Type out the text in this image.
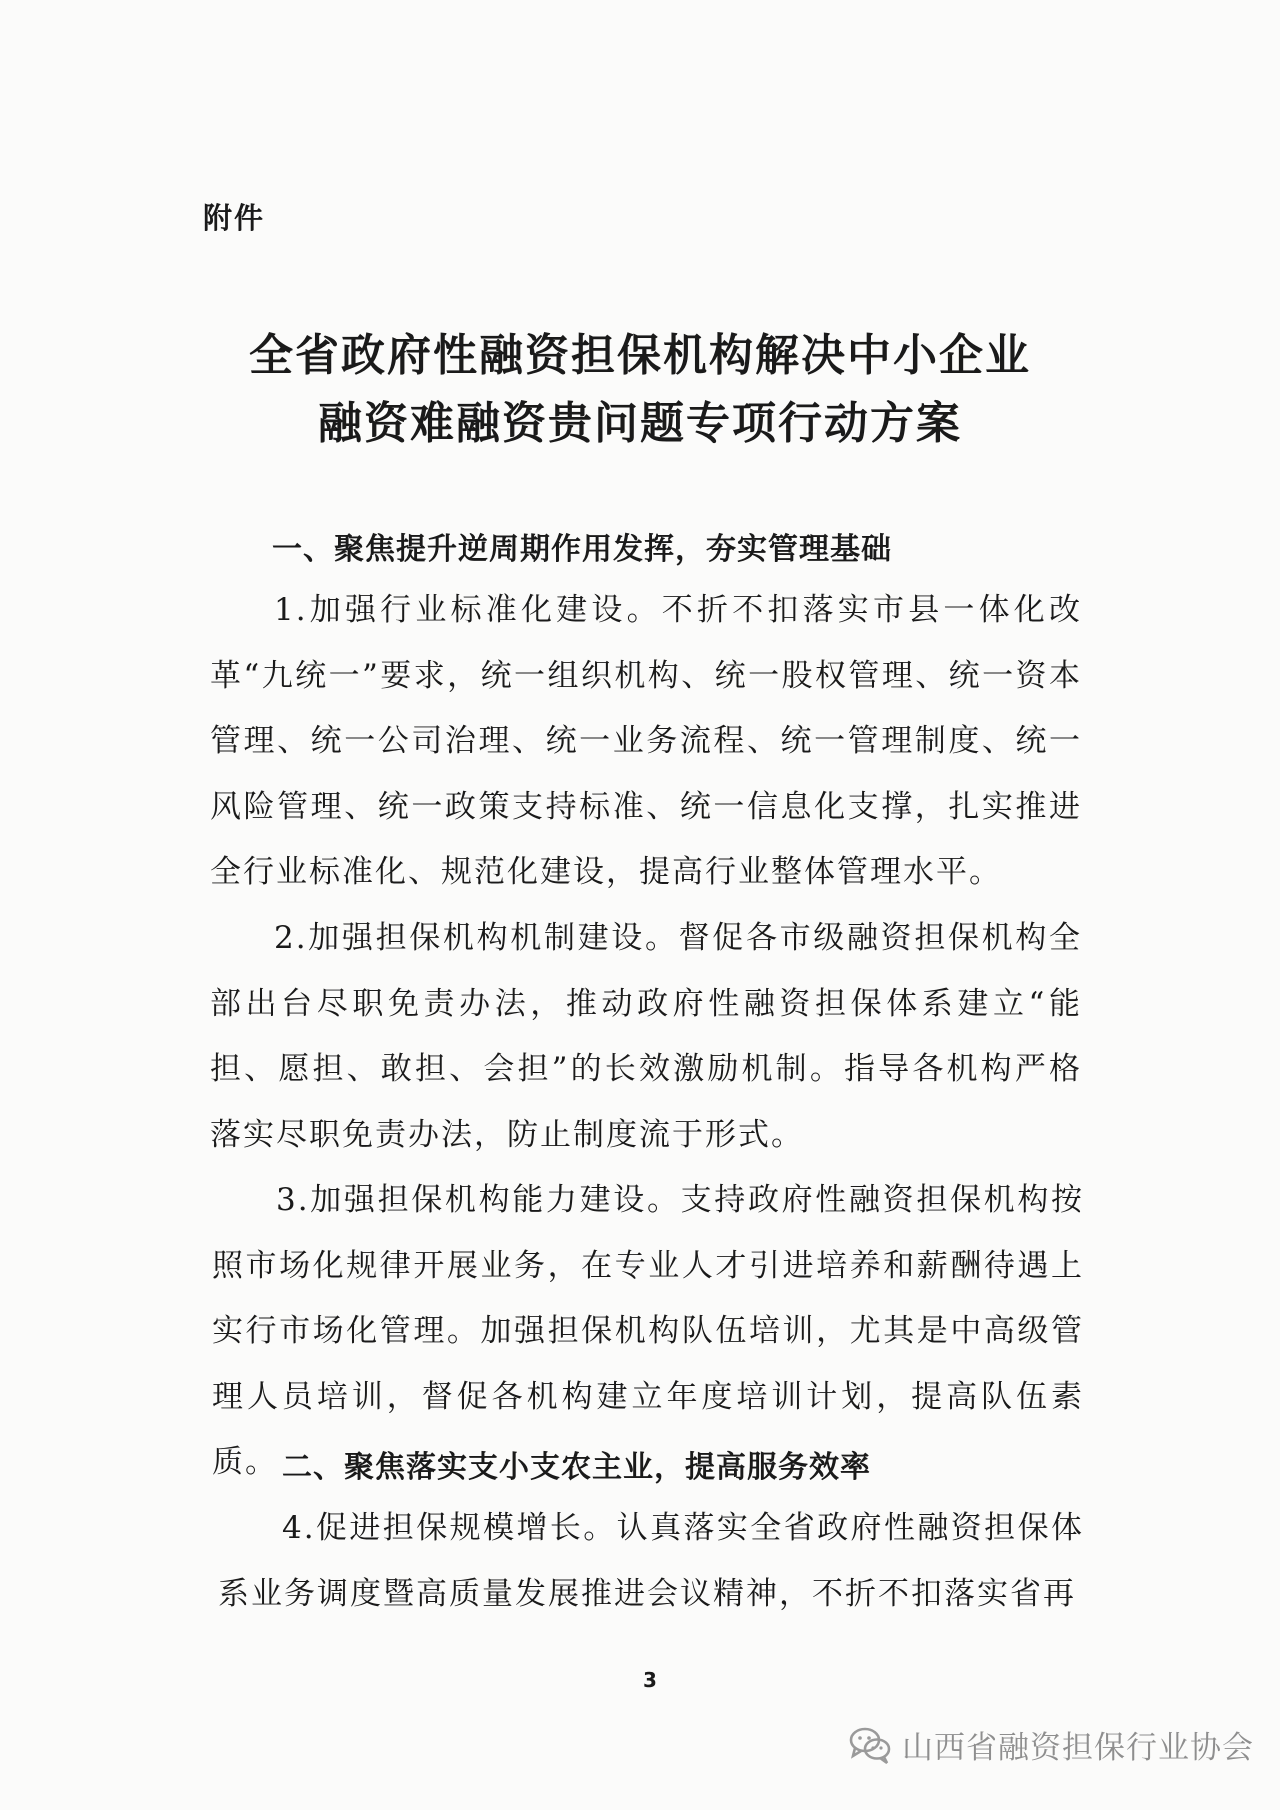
附件
全省政府性融资担保机构解决中小企业
融资难融资贵问题专项行动方案
一、聚焦提升逆周期作用发挥，夯实管理基础
1.加强行业标准化建设。不折不扣落实市县一体化改革“九统一”要求，统一组织机构、统一股权管理、统一资本管理、统一公司治理、统一业务流程、统一管理制度、统一风险管理、统一政策支持标准、统一信息化支撑，扎实推进全行业标准化、规范化建设，提高行业整体管理水平。
2.加强担保机构机制建设。督促各市级融资担保机构全部出台尽职免责办法，推动政府性融资担保体系建立“能担、愿担、敢担、会担”的长效激励机制。指导各机构严格落实尽职免责办法，防止制度流于形式。
3.加强担保机构能力建设。支持政府性融资担保机构按照市场化规律开展业务，在专业人才引进培养和薪酬待遇上实行市场化管理。加强担保机构队伍培训，尤其是中高级管理人员培训，督促各机构建立年度培训计划，提高队伍素质。 二、聚焦落实支小支农主业，提高服务效率
4.促进担保规模增长。认真落实全省政府性融资担保体系业务调度暨高质量发展推进会议精神，不折不扣落实省再
3
山西省融资担保行业协会
